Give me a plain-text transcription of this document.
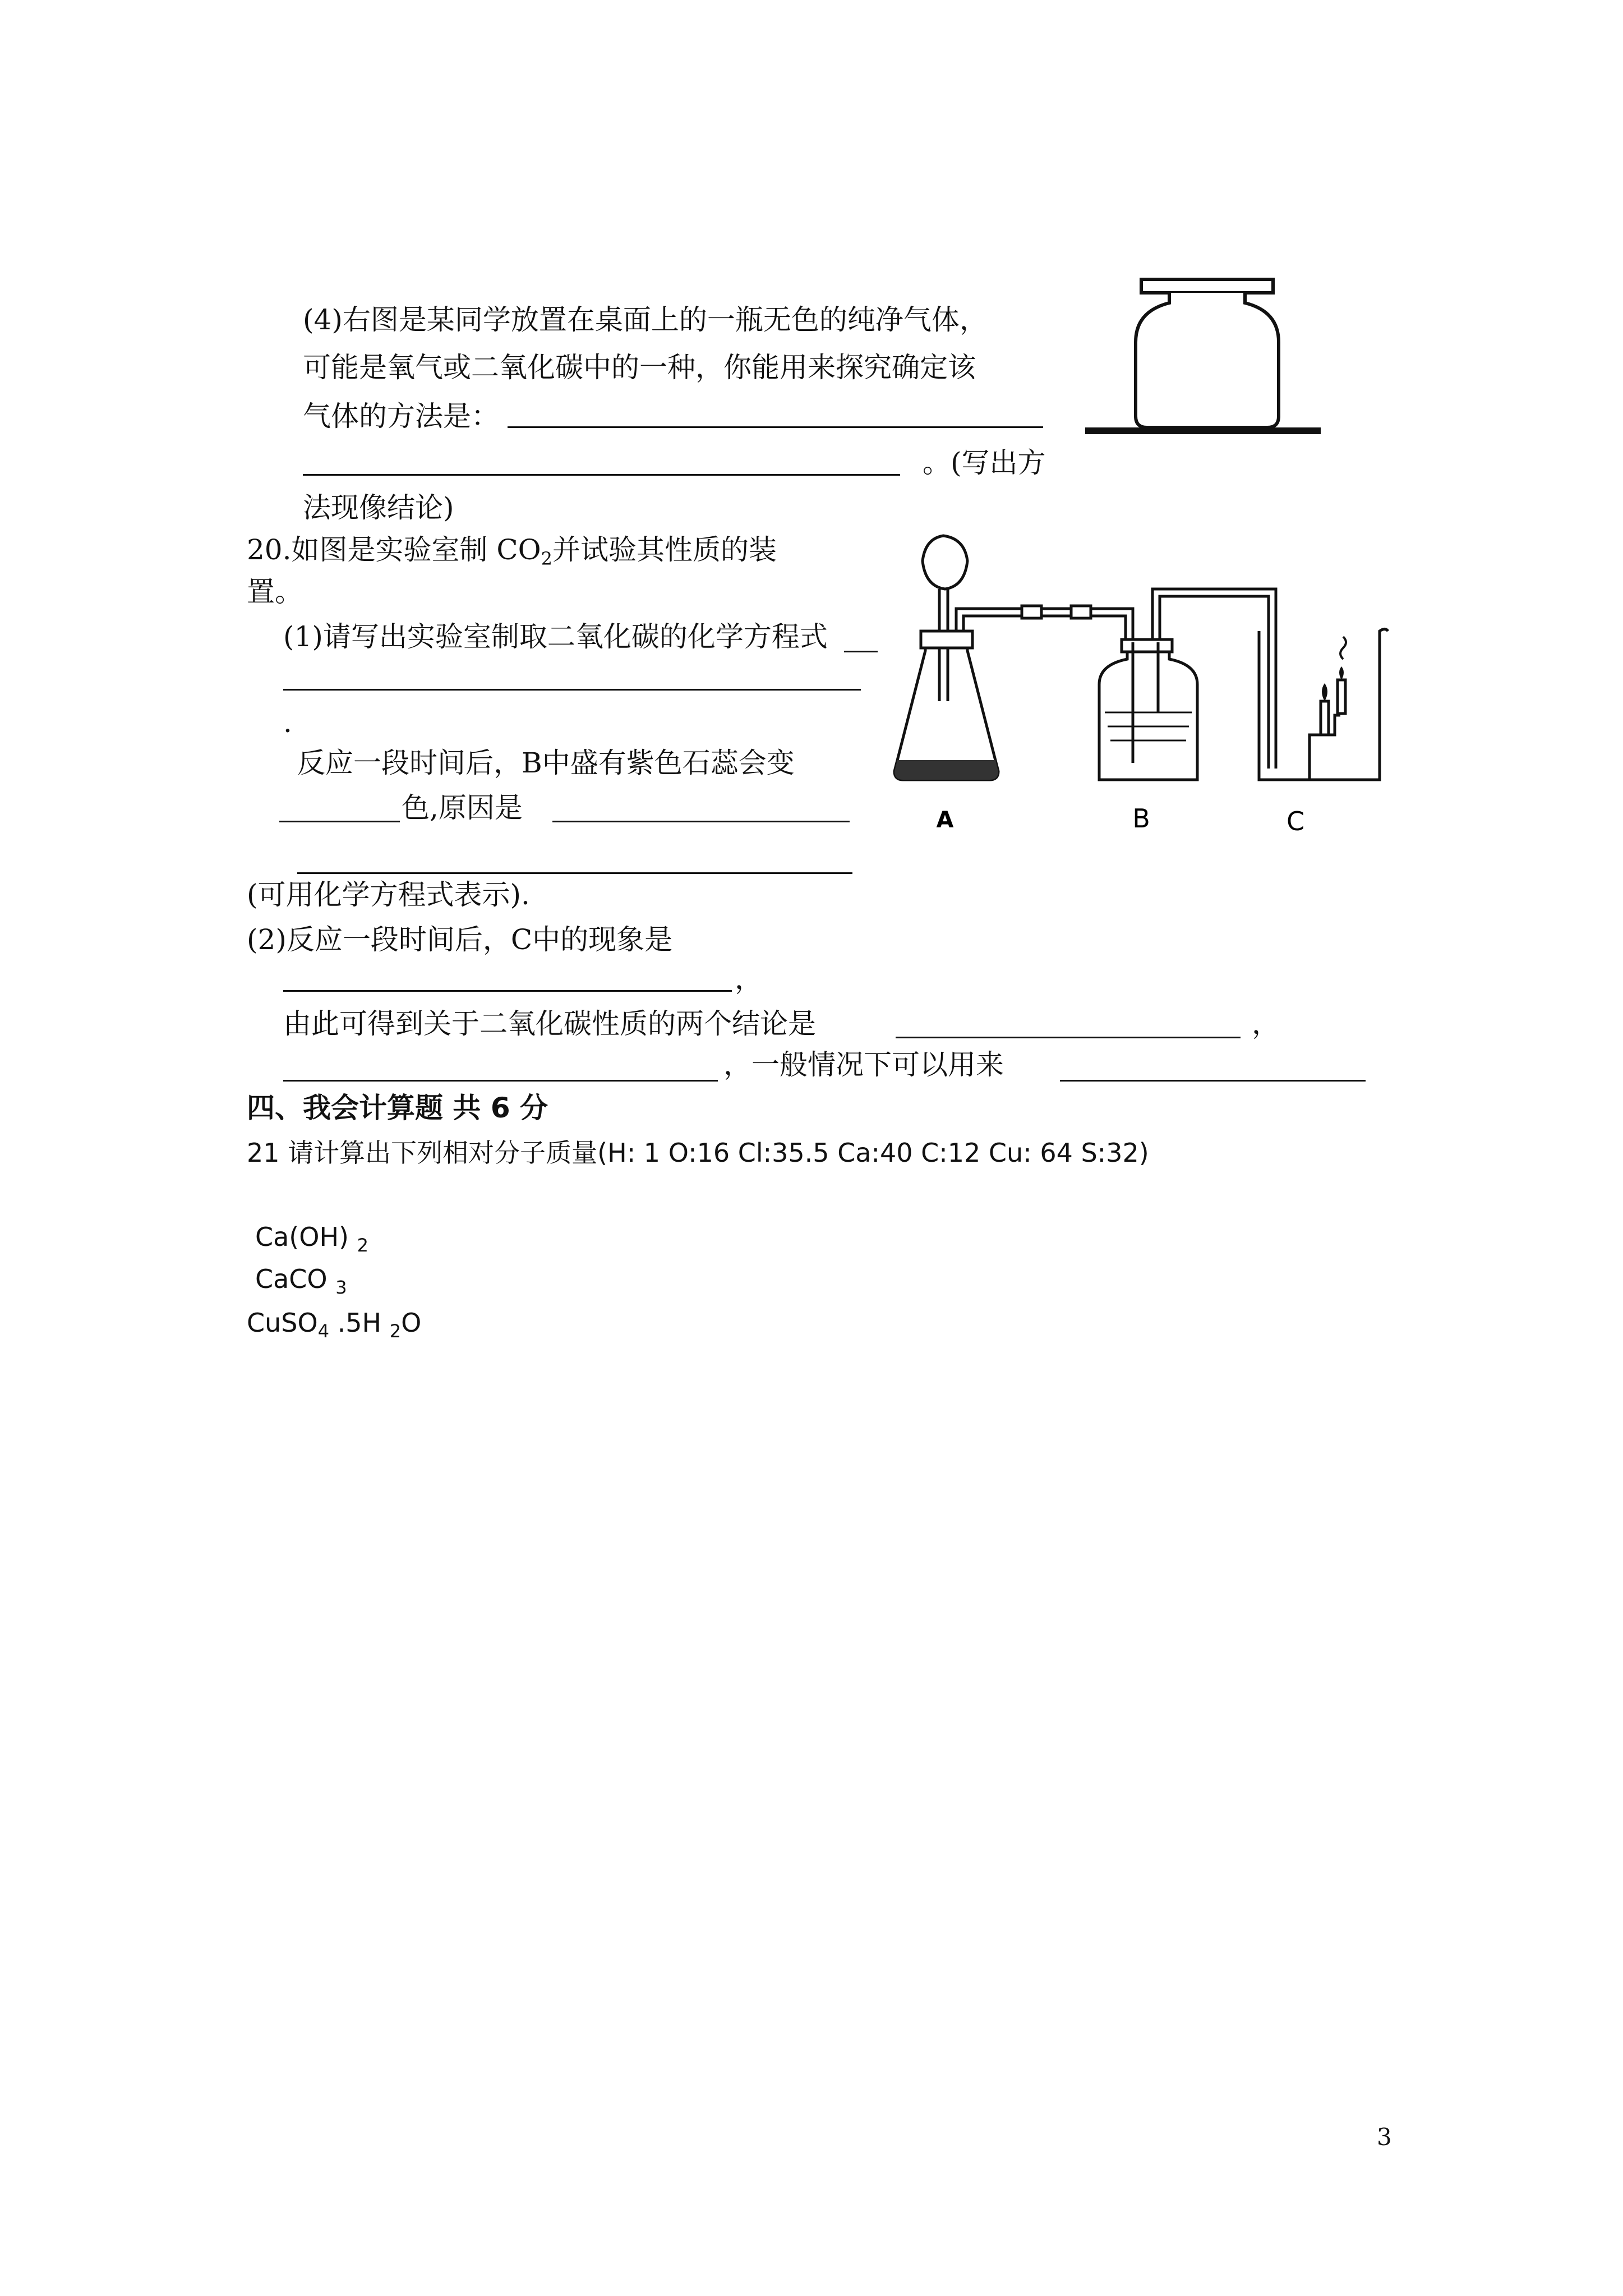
(4)右图是某同学放置在桌面上的一瓶无色的纯净气体，
可能是氧气或二氧化碳中的一种，你能用来探究确定该
气体的方法是：
。(写出方
法现像结论)
20.如图是实验室制 $CO_2$并试验其性质的装
置。
(1)请写出实验室制取二氧化碳的化学方程式
.
反应一段时间后，B中盛有紫色石蕊会变
色,原因是
(可用化学方程式表示).
(2)反应一段时间后，C中的现象是
，
由此可得到关于二氧化碳性质的两个结论是	，
，一般情况下可以用来
A	B	C
四、我会计算题 共 6 分
21 请计算出下列相对分子质量(H: 1 O:16 Cl:35.5 Ca:40 C:12 Cu: 64 S:32)
Ca(OH) $_2$
CaCO $_3$
CuSO$_4$ .5H $_2$O
3
